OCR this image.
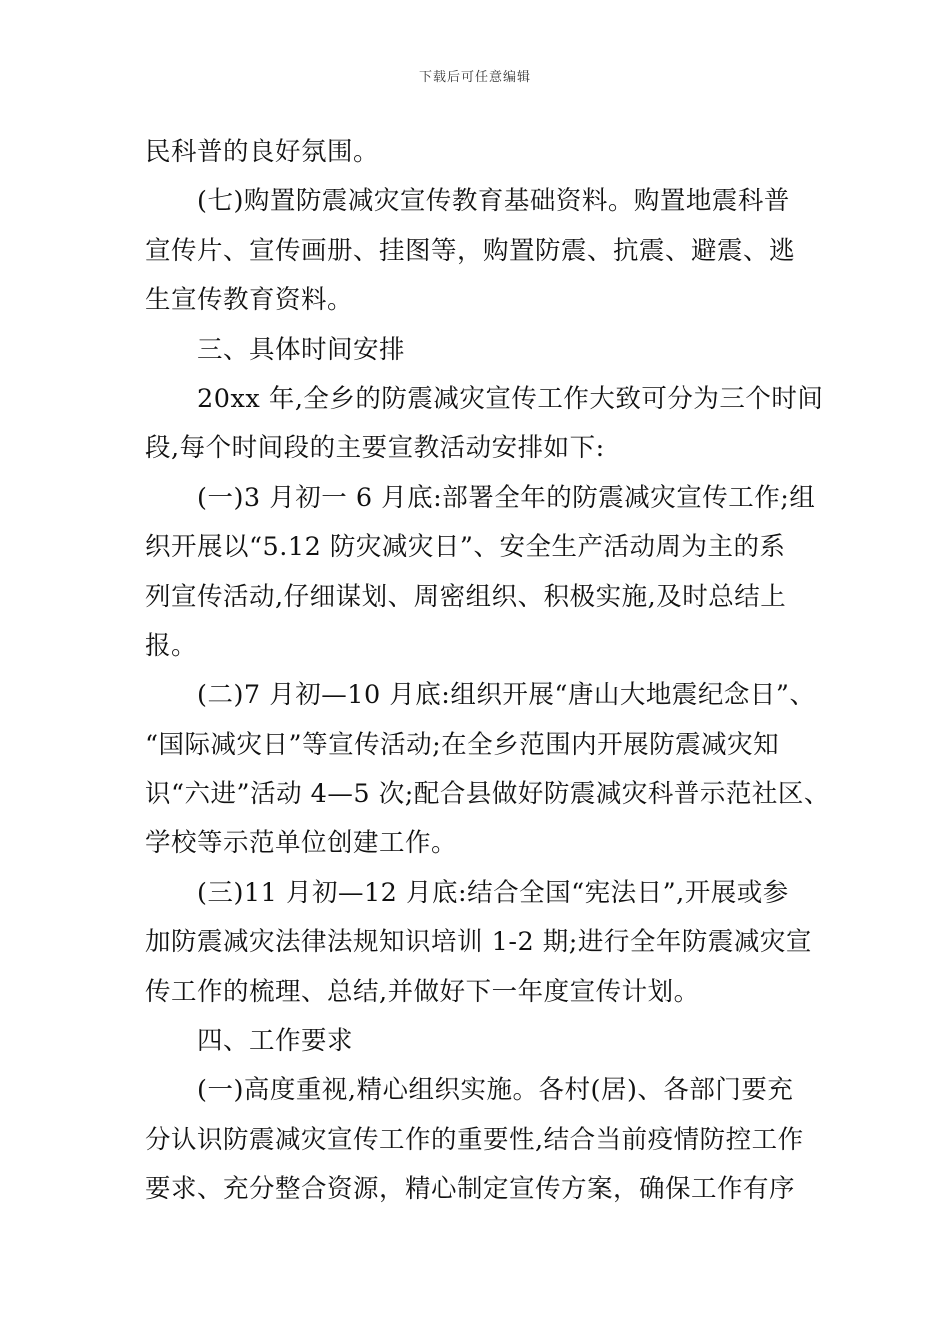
下载后可任意编辑
民科普的良好氛围。
(七)购置防震减灾宣传教育基础资料。购置地震科普
宣传片、宣传画册、挂图等，购置防震、抗震、避震、逃
生宣传教育资料。
三、具体时间安排
20xx 年,全乡的防震减灾宣传工作大致可分为三个时间
段,每个时间段的主要宣教活动安排如下:
(一)3 月初一 6 月底:部署全年的防震减灾宣传工作;组
织开展以“5.12 防灾减灾日”、安全生产活动周为主的系
列宣传活动,仔细谋划、周密组织、积极实施,及时总结上
报。
(二)7 月初—10 月底:组织开展“唐山大地震纪念日”、
“国际减灾日”等宣传活动;在全乡范围内开展防震减灾知
识“六进”活动 4—5 次;配合县做好防震减灾科普示范社区、
学校等示范单位创建工作。
(三)11 月初—12 月底:结合全国“宪法日”,开展或参
加防震减灾法律法规知识培训 1-2 期;进行全年防震减灾宣
传工作的梳理、总结,并做好下一年度宣传计划。
四、工作要求
(一)高度重视,精心组织实施。各村(居)、各部门要充
分认识防震减灾宣传工作的重要性,结合当前疫情防控工作
要求、充分整合资源，精心制定宣传方案，确保工作有序
